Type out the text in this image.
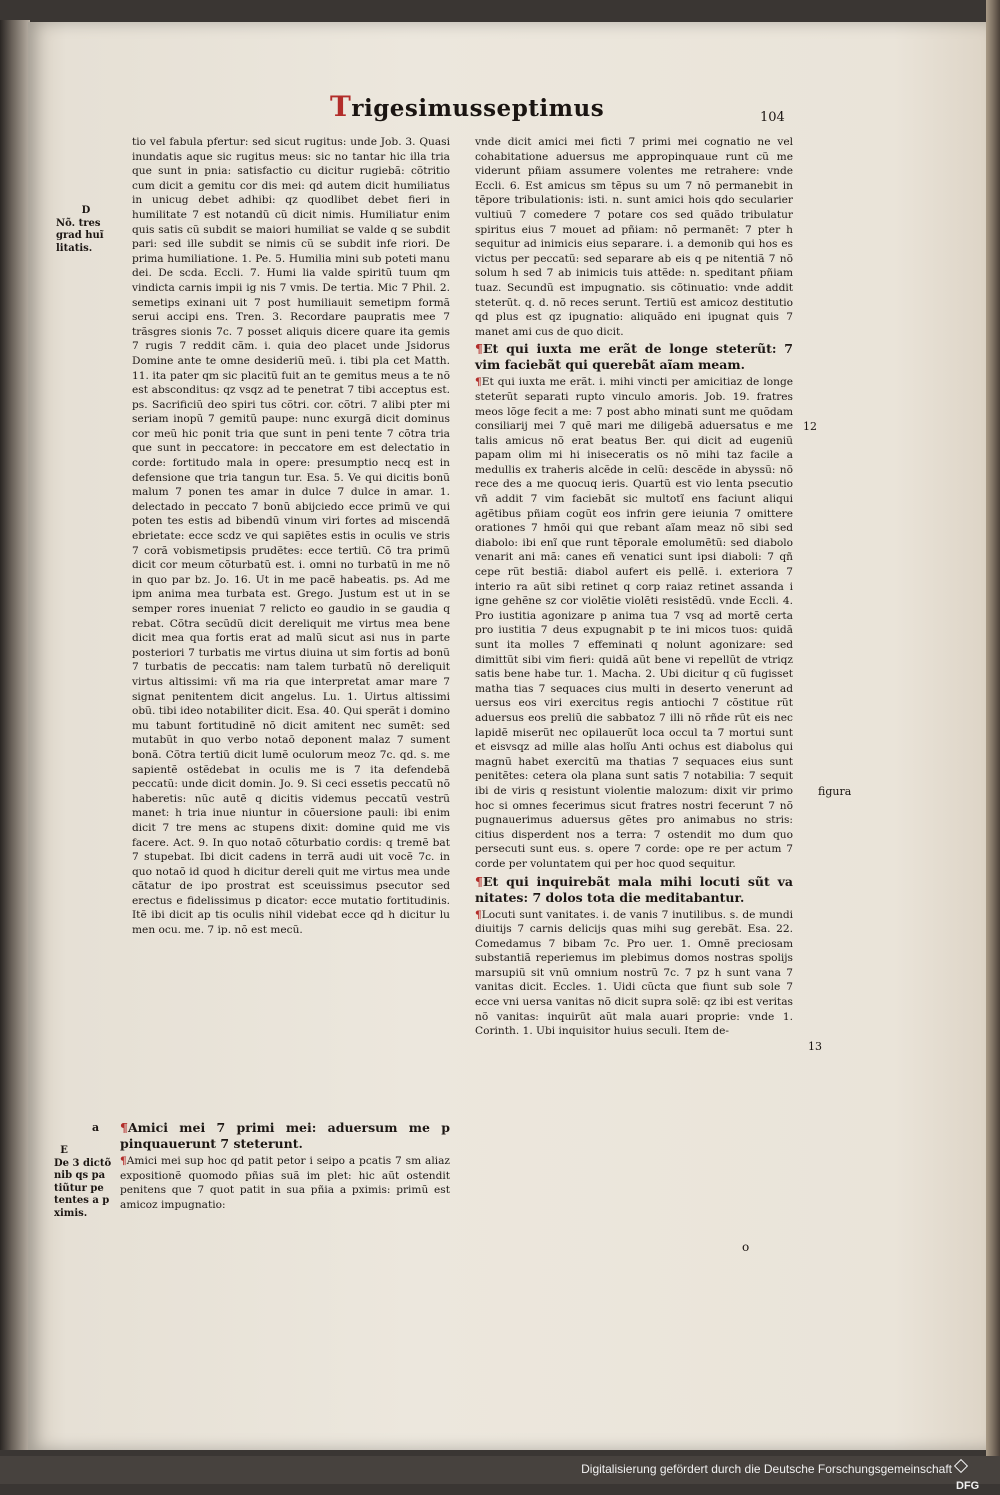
Trigesimusseptimus	104
D
Nõ. tres grad huĩ litatis.

tio vel fabula pfertur: sed sicut rugitus: unde Job. 3. Quasi inundatis aque sic rugitus meus: sic no tantar hic illa tria que sunt in pnia: satisfactio cu dicitur rugiebã: cõtritio cum dicit a gemitu cor dis mei: qd autem dicit humiliatus in unicug debet adhibi: qz quodlibet debet fieri in humilitate 7 est notandũ cũ dicit nimis. Humiliatur enim quis satis cũ subdit se maiori humiliat se valde q se subdit pari: sed ille subdit se nimis cũ se subdit infe riori. De prima humiliatione. 1. Pe. 5. Humilia mini sub poteti manu dei. De scda. Eccli. 7. Humi lia valde spiritũ tuum qm vindicta carnis impii ig nis 7 vmis. De tertia. Mic 7 Phil. 2. semetips exinani uit 7 post humiliauit semetipm formã serui accipi ens. Tren. 3. Recordare paupratis mee 7 trãsgres sionis 7c. 7 posset aliquis dicere quare ita gemis 7 rugis 7 reddit cãm. i. quia deo placet unde Jsidorus Domine ante te omne desideriũ meũ. i. tibi pla cet Matth. 11. ita pater qm sic placitũ fuit an te gemitus meus a te nõ est absconditus: qz vsqz ad te penetrat 7 tibi acceptus est. ps. Sacrificiũ deo spiri tus cõtri. cor. cõtri. 7 alibi pter mi seriam inopũ 7 gemitũ paupe: nunc exurgã dicit dominus cor meũ hic ponit tria que sunt in peni tente 7 cõtra tria que sunt in peccatore: in peccatore em est delectatio in corde: fortitudo mala in opere: presumptio necq est in defensione que tria tangun tur. Esa. 5. Ve qui dicitis bonũ malum 7 ponen tes amar in dulce 7 dulce in amar. 1. delectado in peccato 7 bonũ abijciedo ecce primũ ve qui poten tes estis ad bibendũ vinum viri fortes ad miscendã ebrietate: ecce scdz ve qui sapiẽtes estis in oculis ve stris 7 corã vobismetipsis prudẽtes: ecce tertiũ. Cõ tra primũ dicit cor meum cõturbatũ est. i. omni no turbatũ in me nõ in quo par bz. Jo. 16. Ut in me pacẽ habeatis. ps. Ad me ipm anima mea turbata est. Grego. Justum est ut in se semper rores inueniat 7 relicto eo gaudio in se gaudia q rebat. Cõtra secũdũ dicit dereliquit me virtus mea bene dicit mea qua fortis erat ad malũ sicut asi nus in parte posteriori 7 turbatis me virtus diuina ut sim fortis ad bonũ 7 turbatis de peccatis: nam talem turbatũ nõ dereliquit virtus altissimi: vñ ma ria que interpretat amar mare 7 signat penitentem dicit angelus. Lu. 1. Uirtus altissimi obũ. tibi ideo notabiliter dicit. Esa. 40. Qui sperãt i domino mu tabunt fortitudinẽ nõ dicit amitent nec sumẽt: sed mutabũt in quo verbo notaõ deponent malaz 7 sument bonã. Cõtra tertiũ dicit lumẽ oculorum meoz 7c. qd. s. me sapientẽ ostẽdebat in oculis me is 7 ita defendebã peccatũ: unde dicit domin. Jo. 9. Si ceci essetis peccatũ nõ haberetis: nũc autẽ q dicitis videmus peccatũ vestrũ manet: h tria inue niuntur in cõuersione pauli: ibi enim dicit 7 tre mens ac stupens dixit: domine quid me vis facere. Act. 9. In quo notaõ cõturbatio cordis: q tremẽ bat 7 stupebat. Ibi dicit cadens in terrã audi uit vocẽ 7c. in quo notaõ id quod h dicitur dereli quit me virtus mea unde cãtatur de ipo prostrat est sceuissimus psecutor sed erectus e fidelissimus p dicator: ecce mutatio fortitudinis. Itẽ ibi dicit ap tis oculis nihil videbat ecce qd h dicitur lu men ocu. me. 7 ip. nõ est mecũ.

a
E
De 3 dictõ nib qs pa tiũtur pe tentes a p ximis.

¶Amici mei 7 primi mei: aduersum me p pinquauerunt 7 steterunt.

¶Amici mei sup hoc qd patit petor i seipo a pcatis 7 sm aliaz expositionẽ quomodo pñias suã im plet: hic aũt ostendit penitens que 7 quot patit in sua pñia a pximis: primũ est amicoz impugnatio:

vnde dicit amici mei ficti 7 primi mei cognatio ne vel cohabitatione aduersus me appropinquaue runt cũ me viderunt pñiam assumere volentes me retrahere: vnde Eccli. 6. Est amicus sm tẽpus su um 7 nõ permanebit in tẽpore tribulationis: isti. n. sunt amici hois qdo secularier vultiuũ 7 comedere 7 potare cos sed quãdo tribulatur spiritus eius 7 mouet ad pñiam: nõ permanẽt: 7 pter h sequitur ad inimicis eius separare. i. a demonib qui hos es victus per peccatũ: sed separare ab eis q pe nitentiã 7 nõ solum h sed 7 ab inimicis tuis attẽde: n. speditant pñiam tuaz. Secundũ est impugnatio. sis cõtinuatio: vnde addit steterũt. q. d. nõ reces serunt. Tertiũ est amicoz destitutio qd plus est qz ipugnatio: aliquãdo eni ipugnat quis 7 manet ami cus de quo dicit.

¶Et qui iuxta me erãt de longe steterũt: 7 vim faciebãt qui querebãt aĩam meam.

¶Et qui iuxta me erãt. i. mihi vincti per amicitiaz de longe steterũt separati rupto vinculo amoris. Job. 19. fratres meos lõge fecit a me: 7 post abho minati sunt me quõdam consiliarij mei 7 quẽ mari me diligebã aduersatus e me talis amicus nõ erat beatus Ber. qui dicit ad eugeniũ papam olim mi hi iniseceratis os nõ mihi taz facile a medullis ex traheris alcẽde in celũ: descẽde in abyssũ: nõ rece des a me quocuq ieris. Quartũ est vio lenta psecutio vñ addit 7 vim faciebãt sic multotĩ ens faciunt aliqui agẽtibus pñiam cogũt eos infrin gere ieiunia 7 omittere orationes 7 hmõi qui que rebant aĩam meaz nõ sibi sed diabolo: ibi enĩ que runt tẽporale emolumẽtũ: sed diabolo venarit ani mã: canes eñ venatici sunt ipsi diaboli: 7 qñ cepe rũt bestiã: diabol aufert eis pellẽ. i. exteriora 7 interio ra aũt sibi retinet q corp raiaz retinet assanda i igne gehẽne sz cor violẽtie violẽti resistẽdũ. vnde Eccli. 4. Pro iustitia agonizare p anima tua 7 vsq ad mortẽ certa pro iustitia 7 deus expugnabit p te ini micos tuos: quidã sunt ita molles 7 effeminati q nolunt agonizare: sed dimittũt sibi vim fieri: quidã aũt bene vi repellũt de vtriqz satis bene habe tur. 1. Macha. 2. Ubi dicitur q cũ fugisset matha tias 7 sequaces cius multi in deserto venerunt ad uersus eos viri exercitus regis antiochi 7 cõstitue rũt aduersus eos preliũ die sabbatoz 7 illi nõ rñde rũt eis nec lapidẽ miserũt nec opilauerũt loca occul ta 7 mortui sunt et eisvsqz ad mille alas holĩu Anti ochus est diabolus qui magnũ habet exercitũ ma thatias 7 sequaces eius sunt penitẽtes: cetera ola plana sunt satis 7 notabilia: 7 sequit ibi de viris q resistunt violentie malozum: dixit vir primo hoc si omnes fecerimus sicut fratres nostri fecerunt 7 nõ pugnauerimus aduersus gẽtes pro animabus no stris: citius disperdent nos a terra: 7 ostendit mo dum quo persecuti sunt eus. s. opere 7 corde: ope re per actum 7 corde per voluntatem qui per hoc quod sequitur.

¶Et qui inquirebãt mala mihi locuti sũt va nitates: 7 dolos tota die meditabantur.

¶Locuti sunt vanitates. i. de vanis 7 inutilibus. s. de mundi diuitijs 7 carnis delicijs quas mihi sug gerebãt. Esa. 22. Comedamus 7 bibam 7c. Pro uer. 1. Omnẽ preciosam substantiã reperiemus im plebimus domos nostras spolijs marsupiũ sit vnũ omnium nostrũ 7c. 7 pz h sunt vana 7 vanitas dicit. Eccles. 1. Uidi cũcta que fiunt sub sole 7 ecce vni uersa vanitas nõ dicit supra solẽ: qz ibi est veritas nõ vanitas: inquirũt aũt mala auari proprie: vnde 1. Corinth. 1. Ubi inquisitor huius seculi. Item de-

12
figura
13
o
Digitalisierung gefördert durch die Deutsche Forschungsgemeinschaft
DFG
